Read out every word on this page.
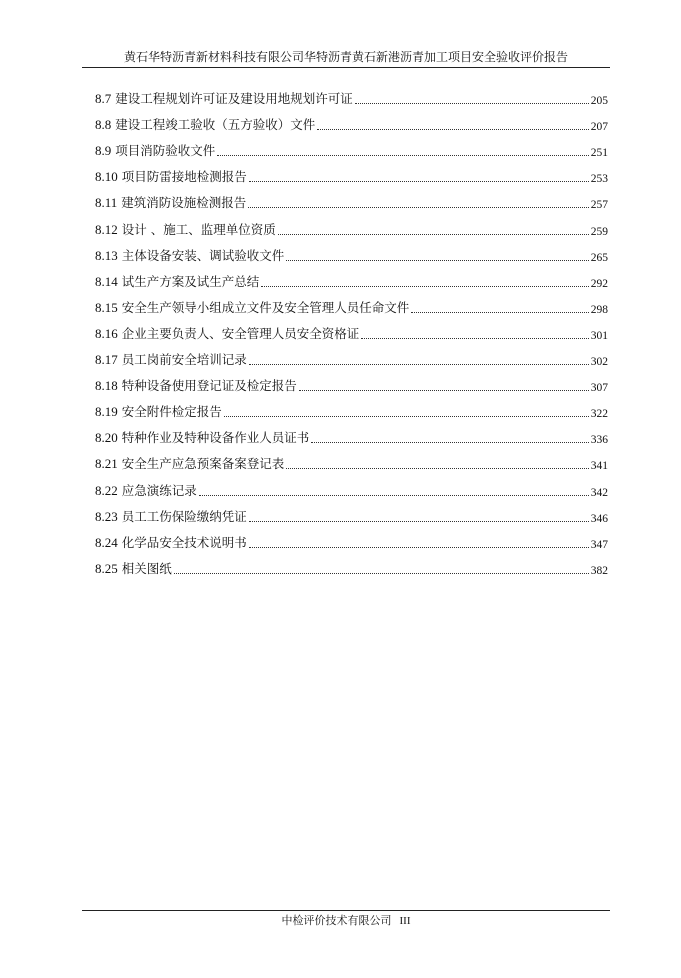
黄石华特沥青新材料科技有限公司华特沥青黄石新港沥青加工项目安全验收评价报告
8.7 建设工程规划许可证及建设用地规划许可证	205
8.8 建设工程竣工验收（五方验收）文件	207
8.9 项目消防验收文件	251
8.10 项目防雷接地检测报告	253
8.11 建筑消防设施检测报告	257
8.12 设计 、施工、监理单位资质	259
8.13 主体设备安装、调试验收文件	265
8.14 试生产方案及试生产总结	292
8.15 安全生产领导小组成立文件及安全管理人员任命文件	298
8.16 企业主要负责人、安全管理人员安全资格证	301
8.17 员工岗前安全培训记录	302
8.18 特种设备使用登记证及检定报告	307
8.19 安全附件检定报告	322
8.20 特种作业及特种设备作业人员证书	336
8.21 安全生产应急预案备案登记表	341
8.22 应急演练记录	342
8.23 员工工伤保险缴纳凭证	346
8.24 化学品安全技术说明书	347
8.25 相关图纸	382
中检评价技术有限公司 III
